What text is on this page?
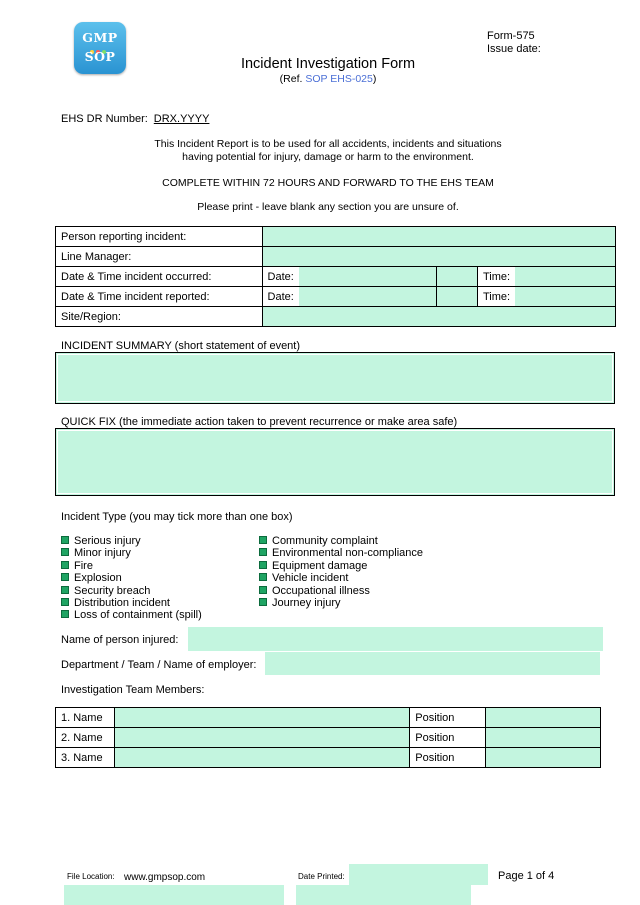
GMP
SOP
Form-575
Issue date:
Incident Investigation Form
(Ref. SOP EHS-025)
EHS DR Number: DRX.YYYY
This Incident Report is to be used for all accidents, incidents and situations
having potential for injury, damage or harm to the environment.
COMPLETE WITHIN 72 HOURS AND FORWARD TO THE EHS TEAM
Please print - leave blank any section you are unsure of.
Person reporting incident:					
Line Manager:					
Date & Time incident occurred:	Date:			Time:	
Date & Time incident reported:	Date:			Time:	
Site/Region:					
INCIDENT SUMMARY (short statement of event)
QUICK FIX (the immediate action taken to prevent recurrence or make area safe)
Incident Type (you may tick more than one box)
Serious injury
Minor injury
Fire
Explosion
Security breach
Distribution incident
Loss of containment (spill)
Community complaint
Environmental non-compliance
Equipment damage
Vehicle incident
Occupational illness
Journey injury
Name of person injured:
Department / Team / Name of employer:
Investigation Team Members:
1. Name		Position	
2. Name		Position	
3. Name		Position	
File Location: www.gmpsop.com	Date Printed:	Page 1 of 4
